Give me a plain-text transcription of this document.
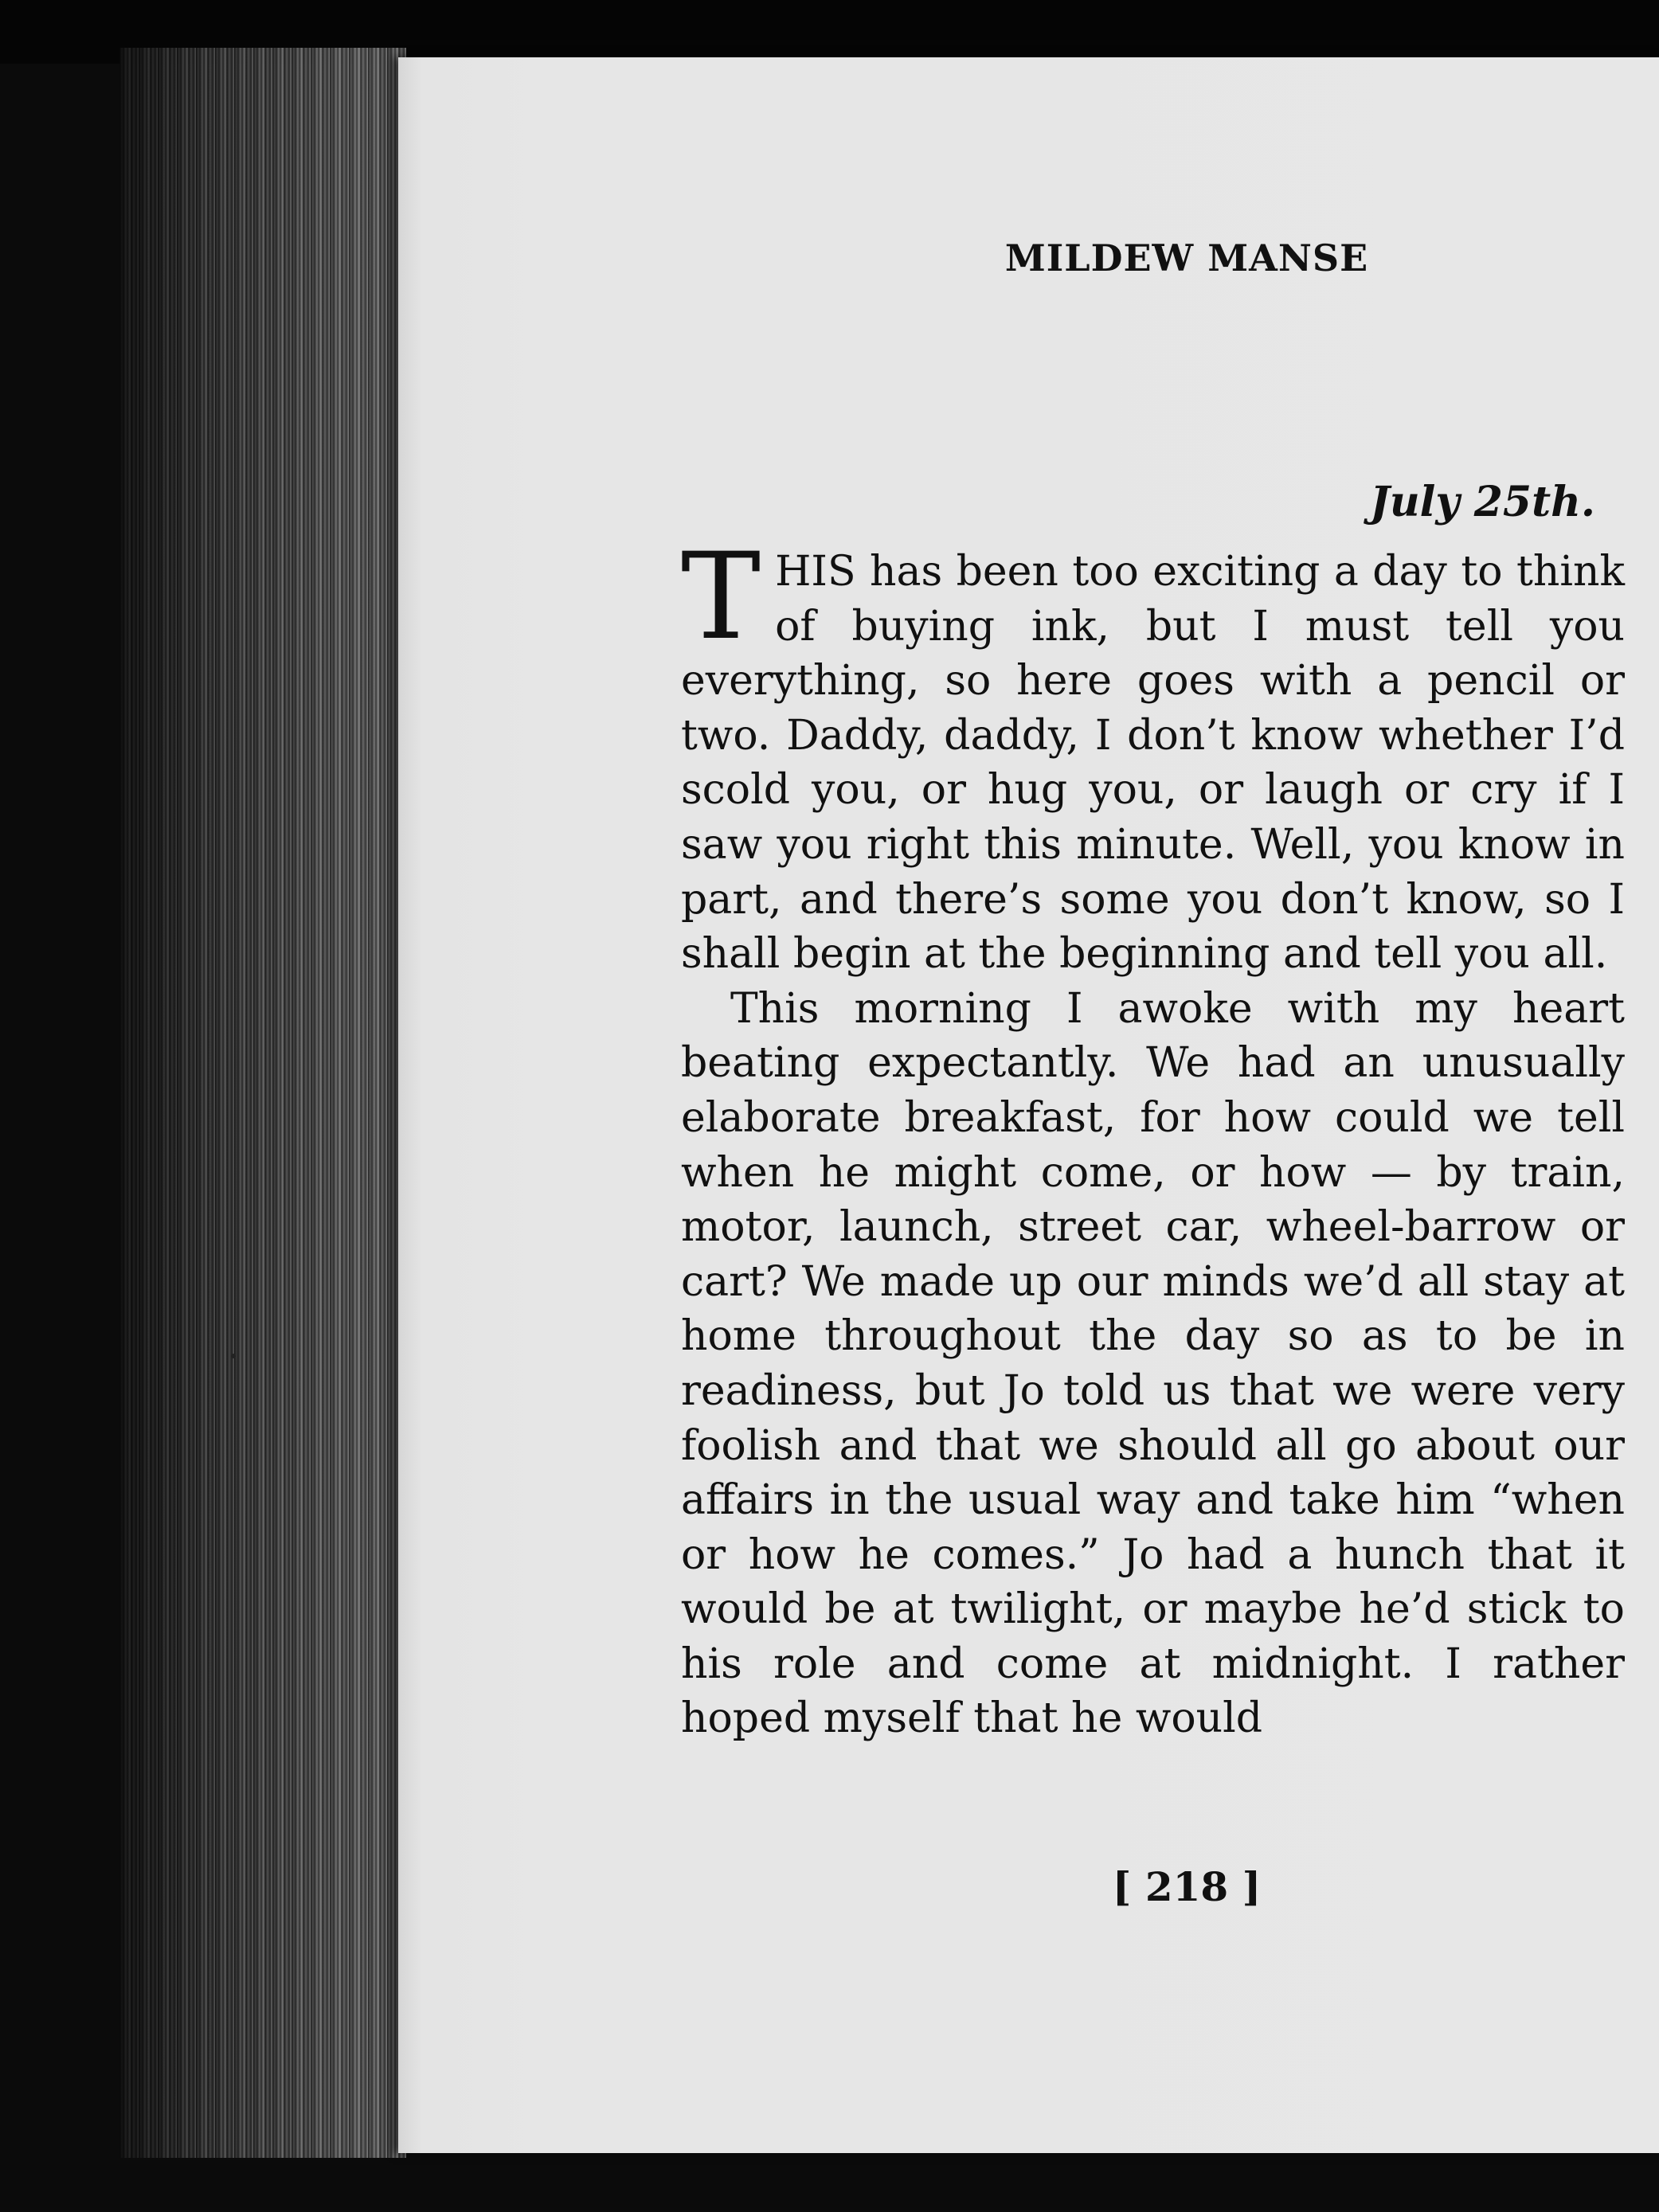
MILDEW MANSE
July 25th.

THIS has been too exciting a day to think of buying ink, but I must tell you everything, so here goes with a pencil or two. Daddy, daddy, I don’t know whether I’d scold you, or hug you, or laugh or cry if I saw you right this minute. Well, you know in part, and there’s some you don’t know, so I shall begin at the beginning and tell you all.

This morning I awoke with my heart beating expectantly. We had an unusually elaborate breakfast, for how could we tell when he might come, or how — by train, motor, launch, street car, wheel-barrow or cart? We made up our minds we’d all stay at home throughout the day so as to be in readiness, but Jo told us that we were very foolish and that we should all go about our affairs in the usual way and take him “when or how he comes.” Jo had a hunch that it would be at twilight, or maybe he’d stick to his role and come at midnight. I rather hoped myself that he would

[ 218 ]
